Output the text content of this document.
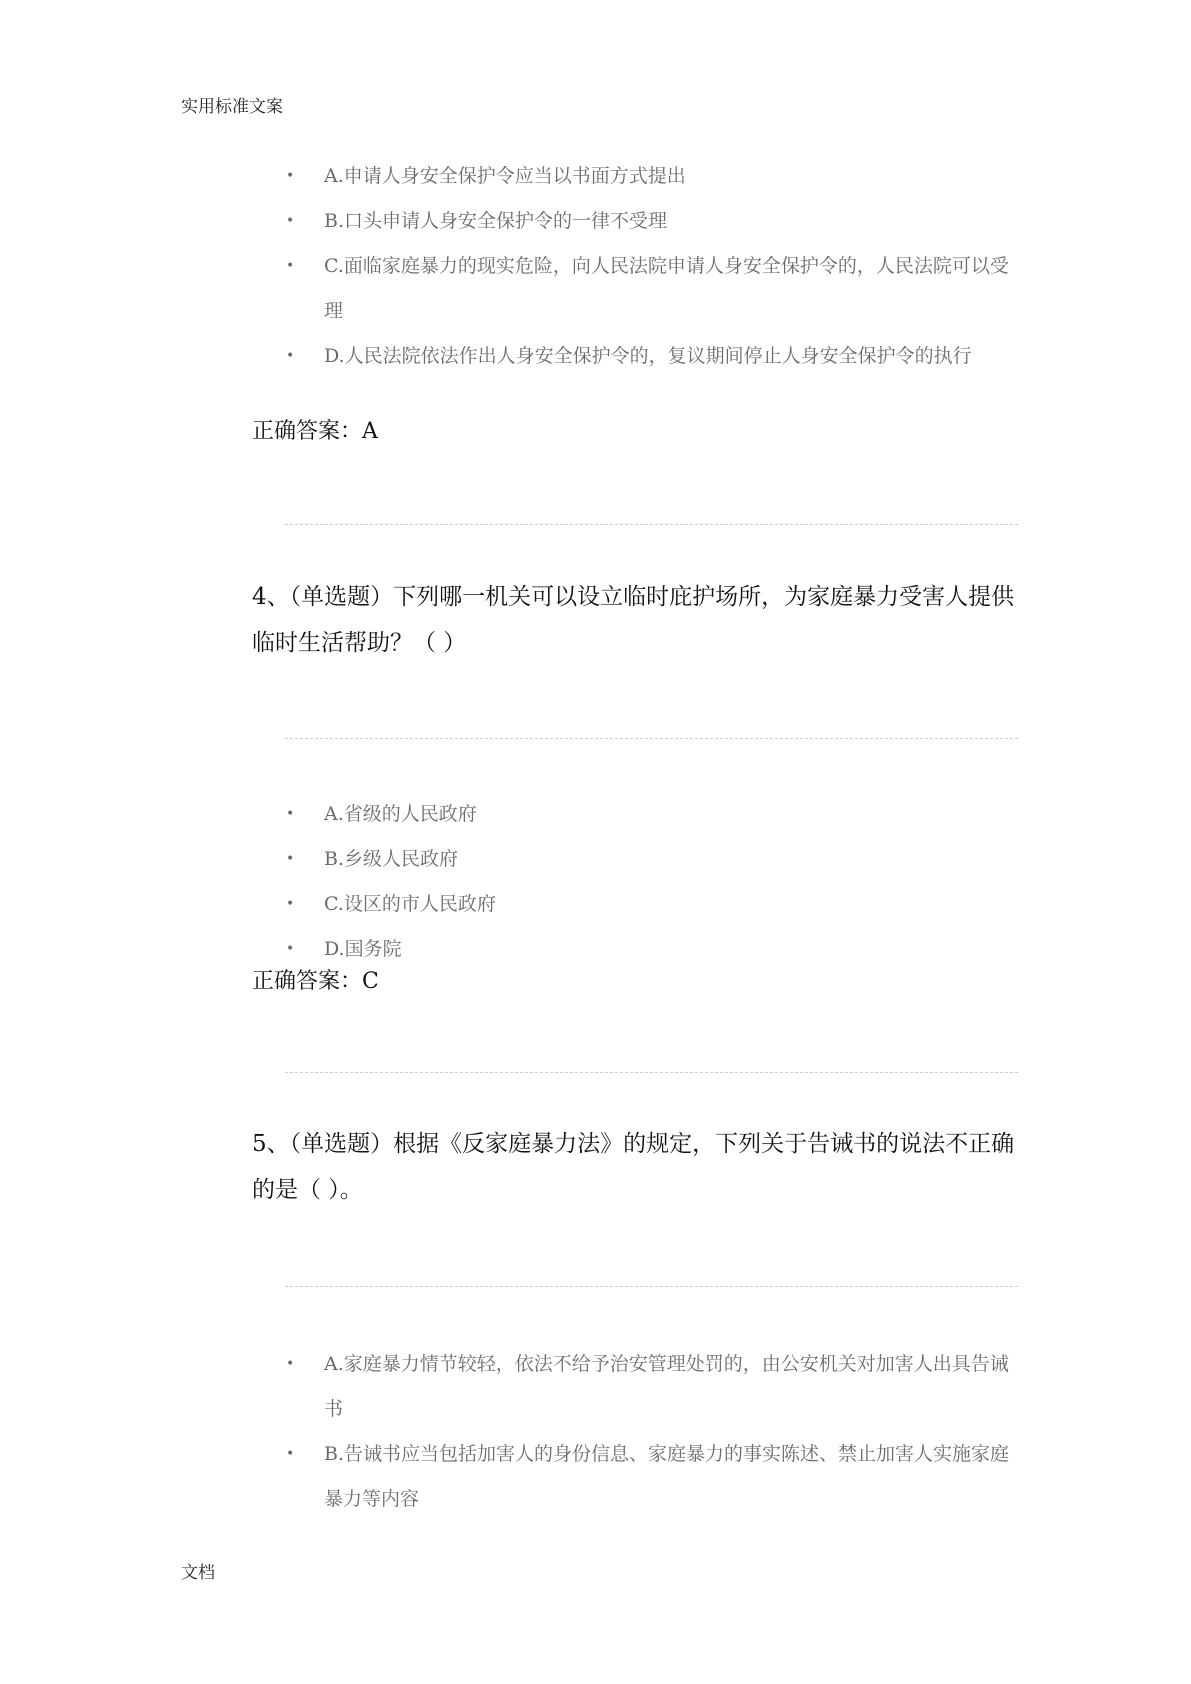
实用标准文案
• A.申请人身安全保护令应当以书面方式提出
• B.口头申请人身安全保护令的一律不受理
• C.面临家庭暴力的现实危险，向人民法院申请人身安全保护令的，人民法院可以受理
• D.人民法院依法作出人身安全保护令的，复议期间停止人身安全保护令的执行
正确答案：A
4、（单选题）下列哪一机关可以设立临时庇护场所，为家庭暴力受害人提供临时生活帮助？（ ）
• A.省级的人民政府
• B.乡级人民政府
• C.设区的市人民政府
• D.国务院
正确答案：C
5、（单选题）根据《反家庭暴力法》的规定，下列关于告诫书的说法不正确的是（ ）。
• A.家庭暴力情节较轻，依法不给予治安管理处罚的，由公安机关对加害人出具告诫书
• B.告诫书应当包括加害人的身份信息、家庭暴力的事实陈述、禁止加害人实施家庭暴力等内容
文档
